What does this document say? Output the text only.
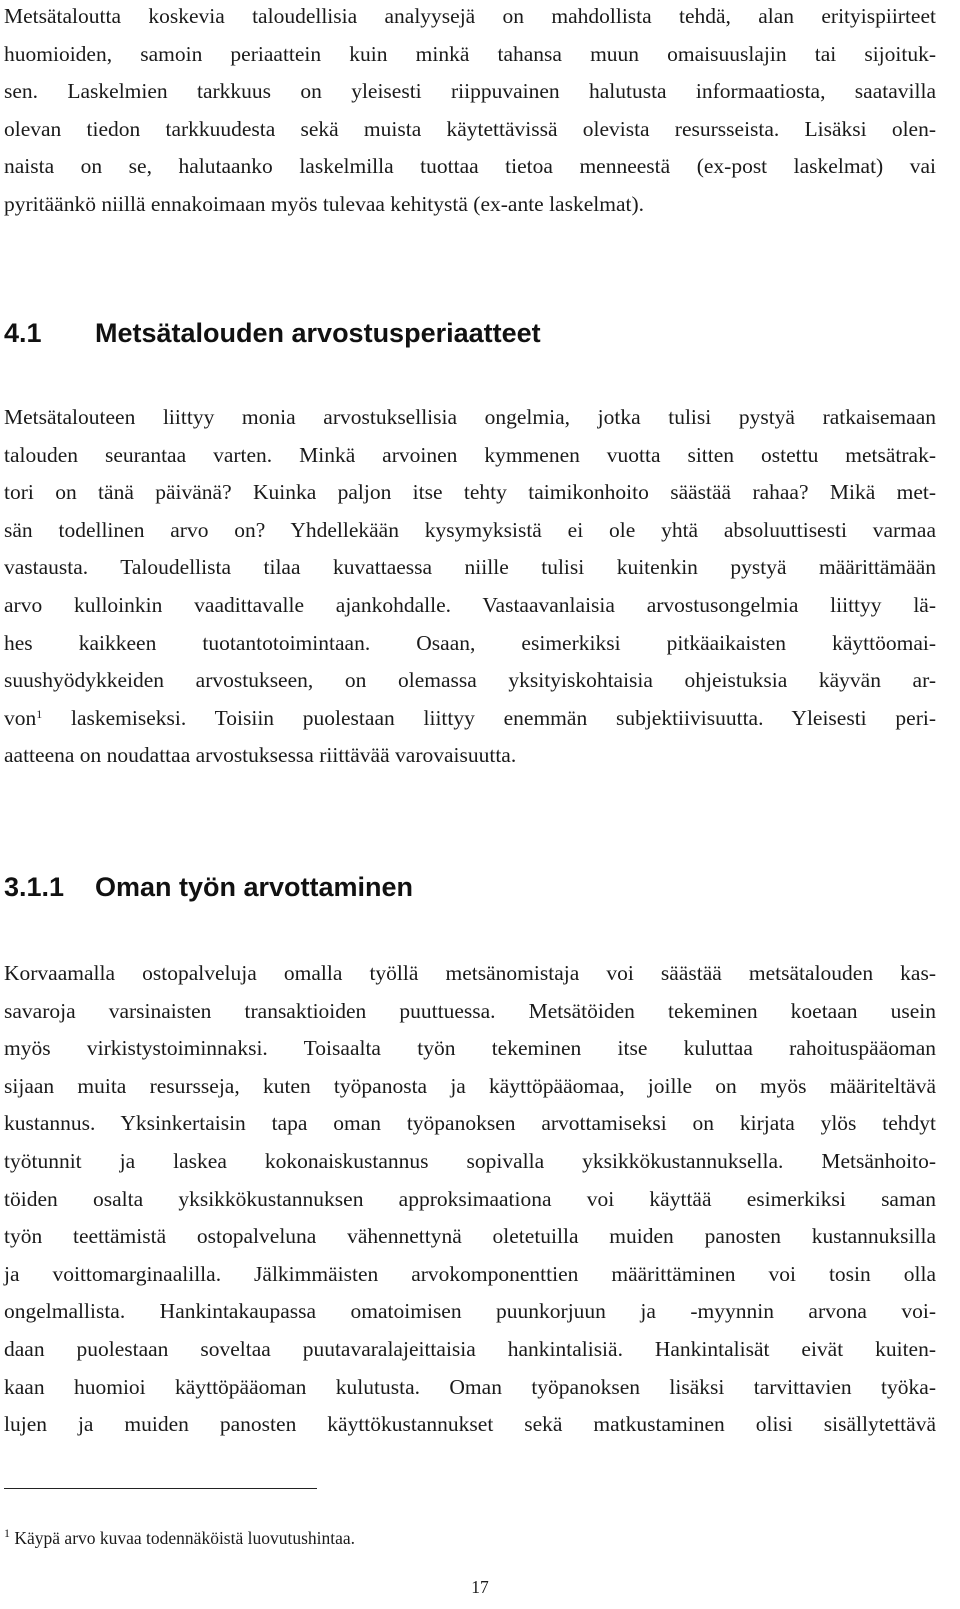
Metsätaloutta koskevia taloudellisia analyysejä on mahdollista tehdä, alan erityispiirteet
huomioiden, samoin periaattein kuin minkä tahansa muun omaisuuslajin tai sijoituk-
sen. Laskelmien tarkkuus on yleisesti riippuvainen halutusta informaatiosta, saatavilla
olevan tiedon tarkkuudesta sekä muista käytettävissä olevista resursseista. Lisäksi olen-
naista on se, halutaanko laskelmilla tuottaa tietoa menneestä (ex-post laskelmat) vai
pyritäänkö niillä ennakoimaan myös tulevaa kehitystä (ex-ante laskelmat).
4.1 Metsätalouden arvostusperiaatteet
Metsätalouteen liittyy monia arvostuksellisia ongelmia, jotka tulisi pystyä ratkaisemaan
talouden seurantaa varten. Minkä arvoinen kymmenen vuotta sitten ostettu metsätrak-
tori on tänä päivänä? Kuinka paljon itse tehty taimikonhoito säästää rahaa? Mikä met-
sän todellinen arvo on? Yhdellekään kysymyksistä ei ole yhtä absoluuttisesti varmaa
vastausta. Taloudellista tilaa kuvattaessa niille tulisi kuitenkin pystyä määrittämään
arvo kulloinkin vaadittavalle ajankohdalle. Vastaavanlaisia arvostusongelmia liittyy lä-
hes kaikkeen tuotantotoimintaan. Osaan, esimerkiksi pitkäaikaisten käyttöomai-
suushyödykkeiden arvostukseen, on olemassa yksityiskohtaisia ohjeistuksia käyvän ar-
von$^1$ laskemiseksi. Toisiin puolestaan liittyy enemmän subjektiivisuutta. Yleisesti peri-
aatteena on noudattaa arvostuksessa riittävää varovaisuutta.
3.1.1 Oman työn arvottaminen
Korvaamalla ostopalveluja omalla työllä metsänomistaja voi säästää metsätalouden kas-
savaroja varsinaisten transaktioiden puuttuessa. Metsätöiden tekeminen koetaan usein
myös virkistystoiminnaksi. Toisaalta työn tekeminen itse kuluttaa rahoituspääoman
sijaan muita resursseja, kuten työpanosta ja käyttöpääomaa, joille on myös määriteltävä
kustannus. Yksinkertaisin tapa oman työpanoksen arvottamiseksi on kirjata ylös tehdyt
työtunnit ja laskea kokonaiskustannus sopivalla yksikkökustannuksella. Metsänhoito-
töiden osalta yksikkökustannuksen approksimaationa voi käyttää esimerkiksi saman
työn teettämistä ostopalveluna vähennettynä oletetuilla muiden panosten kustannuksilla
ja voittomarginaalilla. Jälkimmäisten arvokomponenttien määrittäminen voi tosin olla
ongelmallista. Hankintakaupassa omatoimisen puunkorjuun ja -myynnin arvona voi-
daan puolestaan soveltaa puutavaralajeittaisia hankintalisiä. Hankintalisät eivät kuiten-
kaan huomioi käyttöpääoman kulutusta. Oman työpanoksen lisäksi tarvittavien työka-
lujen ja muiden panosten käyttökustannukset sekä matkustaminen olisi sisällytettävä
$^1$ Käypä arvo kuvaa todennäköistä luovutushintaa.
17
